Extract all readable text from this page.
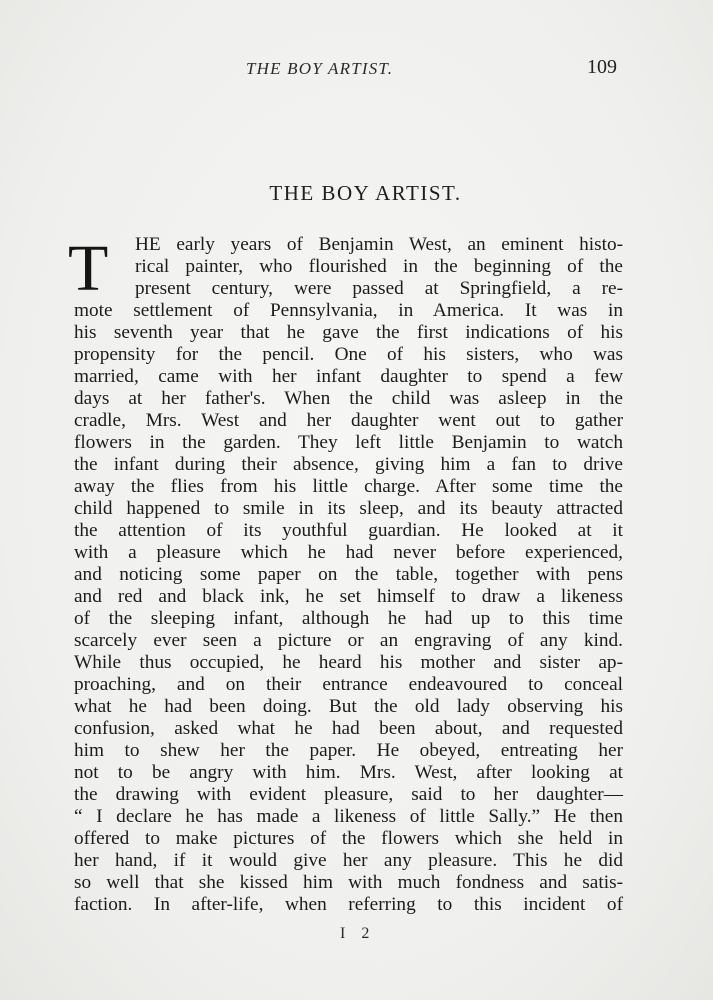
THE BOY ARTIST.	109
THE BOY ARTIST.
T HE early years of Benjamin West, an eminent histo-
rical painter, who flourished in the beginning of the
present century, were passed at Springfield, a re-
mote settlement of Pennsylvania, in America. It was in
his seventh year that he gave the first indications of his
propensity for the pencil. One of his sisters, who was
married, came with her infant daughter to spend a few
days at her father's. When the child was asleep in the
cradle, Mrs. West and her daughter went out to gather
flowers in the garden. They left little Benjamin to watch
the infant during their absence, giving him a fan to drive
away the flies from his little charge. After some time the
child happened to smile in its sleep, and its beauty attracted
the attention of its youthful guardian. He looked at it
with a pleasure which he had never before experienced,
and noticing some paper on the table, together with pens
and red and black ink, he set himself to draw a likeness
of the sleeping infant, although he had up to this time
scarcely ever seen a picture or an engraving of any kind.
While thus occupied, he heard his mother and sister ap-
proaching, and on their entrance endeavoured to conceal
what he had been doing. But the old lady observing his
confusion, asked what he had been about, and requested
him to shew her the paper. He obeyed, entreating her
not to be angry with him. Mrs. West, after looking at
the drawing with evident pleasure, said to her daughter—
“ I declare he has made a likeness of little Sally.” He then
offered to make pictures of the flowers which she held in
her hand, if it would give her any pleasure. This he did
so well that she kissed him with much fondness and satis-
faction. In after-life, when referring to this incident of
I 2
